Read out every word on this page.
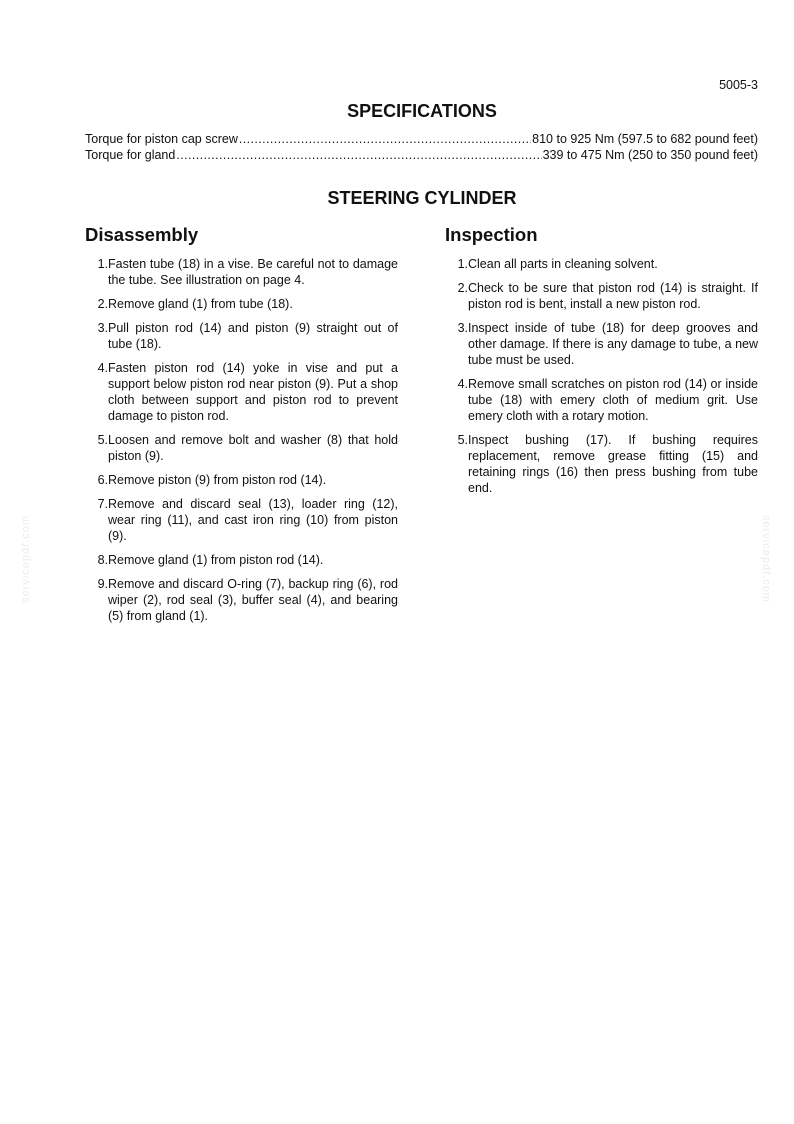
5005-3
SPECIFICATIONS
Torque for piston cap screw .....	810 to 925 Nm (597.5 to 682 pound feet)
Torque for gland .....	339 to 475 Nm (250 to 350 pound feet)
STEERING CYLINDER
Disassembly
1. Fasten tube (18) in a vise. Be careful not to damage the tube. See illustration on page 4.
2. Remove gland (1) from tube (18).
3. Pull piston rod (14) and piston (9) straight out of tube (18).
4. Fasten piston rod (14) yoke in vise and put a support below piston rod near piston (9). Put a shop cloth between support and piston rod to prevent damage to piston rod.
5. Loosen and remove bolt and washer (8) that hold piston (9).
6. Remove piston (9) from piston rod (14).
7. Remove and discard seal (13), loader ring (12), wear ring (11), and cast iron ring (10) from piston (9).
8. Remove gland (1) from piston rod (14).
9. Remove and discard O-ring (7), backup ring (6), rod wiper (2), rod seal (3), buffer seal (4), and bearing (5) from gland (1).
Inspection
1. Clean all parts in cleaning solvent.
2. Check to be sure that piston rod (14) is straight. If piston rod is bent, install a new piston rod.
3. Inspect inside of tube (18) for deep grooves and other damage. If there is any damage to tube, a new tube must be used.
4. Remove small scratches on piston rod (14) or inside tube (18) with emery cloth of medium grit. Use emery cloth with a rotary motion.
5. Inspect bushing (17). If bushing requires replacement, remove grease fitting (15) and retaining rings (16) then press bushing from tube end.
servicepdf.com	servicepdf.com
